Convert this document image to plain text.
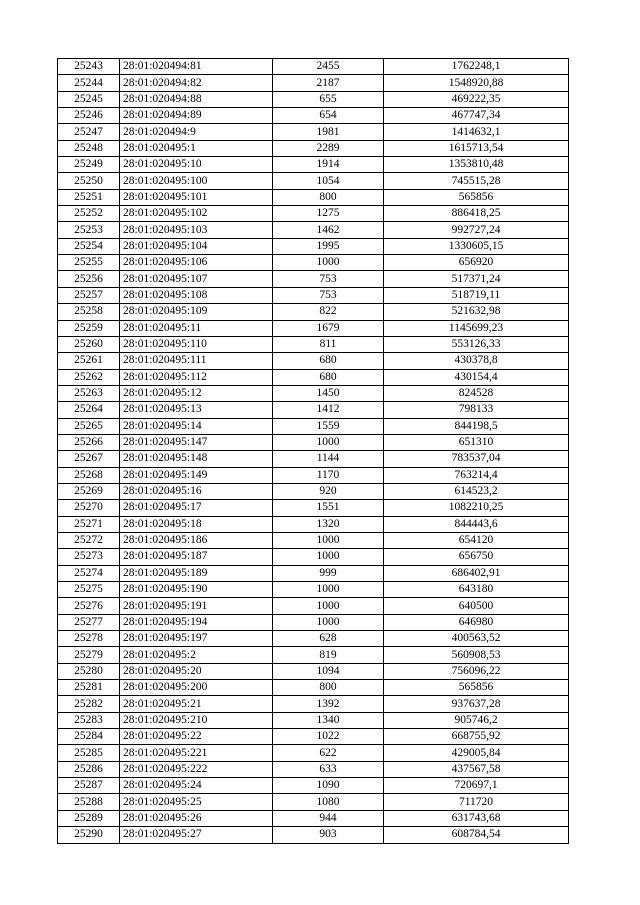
25243	28:01:020494:81	2455	1762248,1
25244	28:01:020494:82	2187	1548920,88
25245	28:01:020494:88	655	469222,35
25246	28:01:020494:89	654	467747,34
25247	28:01:020494:9	1981	1414632,1
25248	28:01:020495:1	2289	1615713,54
25249	28:01:020495:10	1914	1353810,48
25250	28:01:020495:100	1054	745515,28
25251	28:01:020495:101	800	565856
25252	28:01:020495:102	1275	886418,25
25253	28:01:020495:103	1462	992727,24
25254	28:01:020495:104	1995	1330605,15
25255	28:01:020495:106	1000	656920
25256	28:01:020495:107	753	517371,24
25257	28:01:020495:108	753	518719,11
25258	28:01:020495:109	822	521632,98
25259	28:01:020495:11	1679	1145699,23
25260	28:01:020495:110	811	553126,33
25261	28:01:020495:111	680	430378,8
25262	28:01:020495:112	680	430154,4
25263	28:01:020495:12	1450	824528
25264	28:01:020495:13	1412	798133
25265	28:01:020495:14	1559	844198,5
25266	28:01:020495:147	1000	651310
25267	28:01:020495:148	1144	783537,04
25268	28:01:020495:149	1170	763214,4
25269	28:01:020495:16	920	614523,2
25270	28:01:020495:17	1551	1082210,25
25271	28:01:020495:18	1320	844443,6
25272	28:01:020495:186	1000	654120
25273	28:01:020495:187	1000	656750
25274	28:01:020495:189	999	686402,91
25275	28:01:020495:190	1000	643180
25276	28:01:020495:191	1000	640500
25277	28:01:020495:194	1000	646980
25278	28:01:020495:197	628	400563,52
25279	28:01:020495:2	819	560908,53
25280	28:01:020495:20	1094	756096,22
25281	28:01:020495:200	800	565856
25282	28:01:020495:21	1392	937637,28
25283	28:01:020495:210	1340	905746,2
25284	28:01:020495:22	1022	668755,92
25285	28:01:020495:221	622	429005,84
25286	28:01:020495:222	633	437567,58
25287	28:01:020495:24	1090	720697,1
25288	28:01:020495:25	1080	711720
25289	28:01:020495:26	944	631743,68
25290	28:01:020495:27	903	608784,54
